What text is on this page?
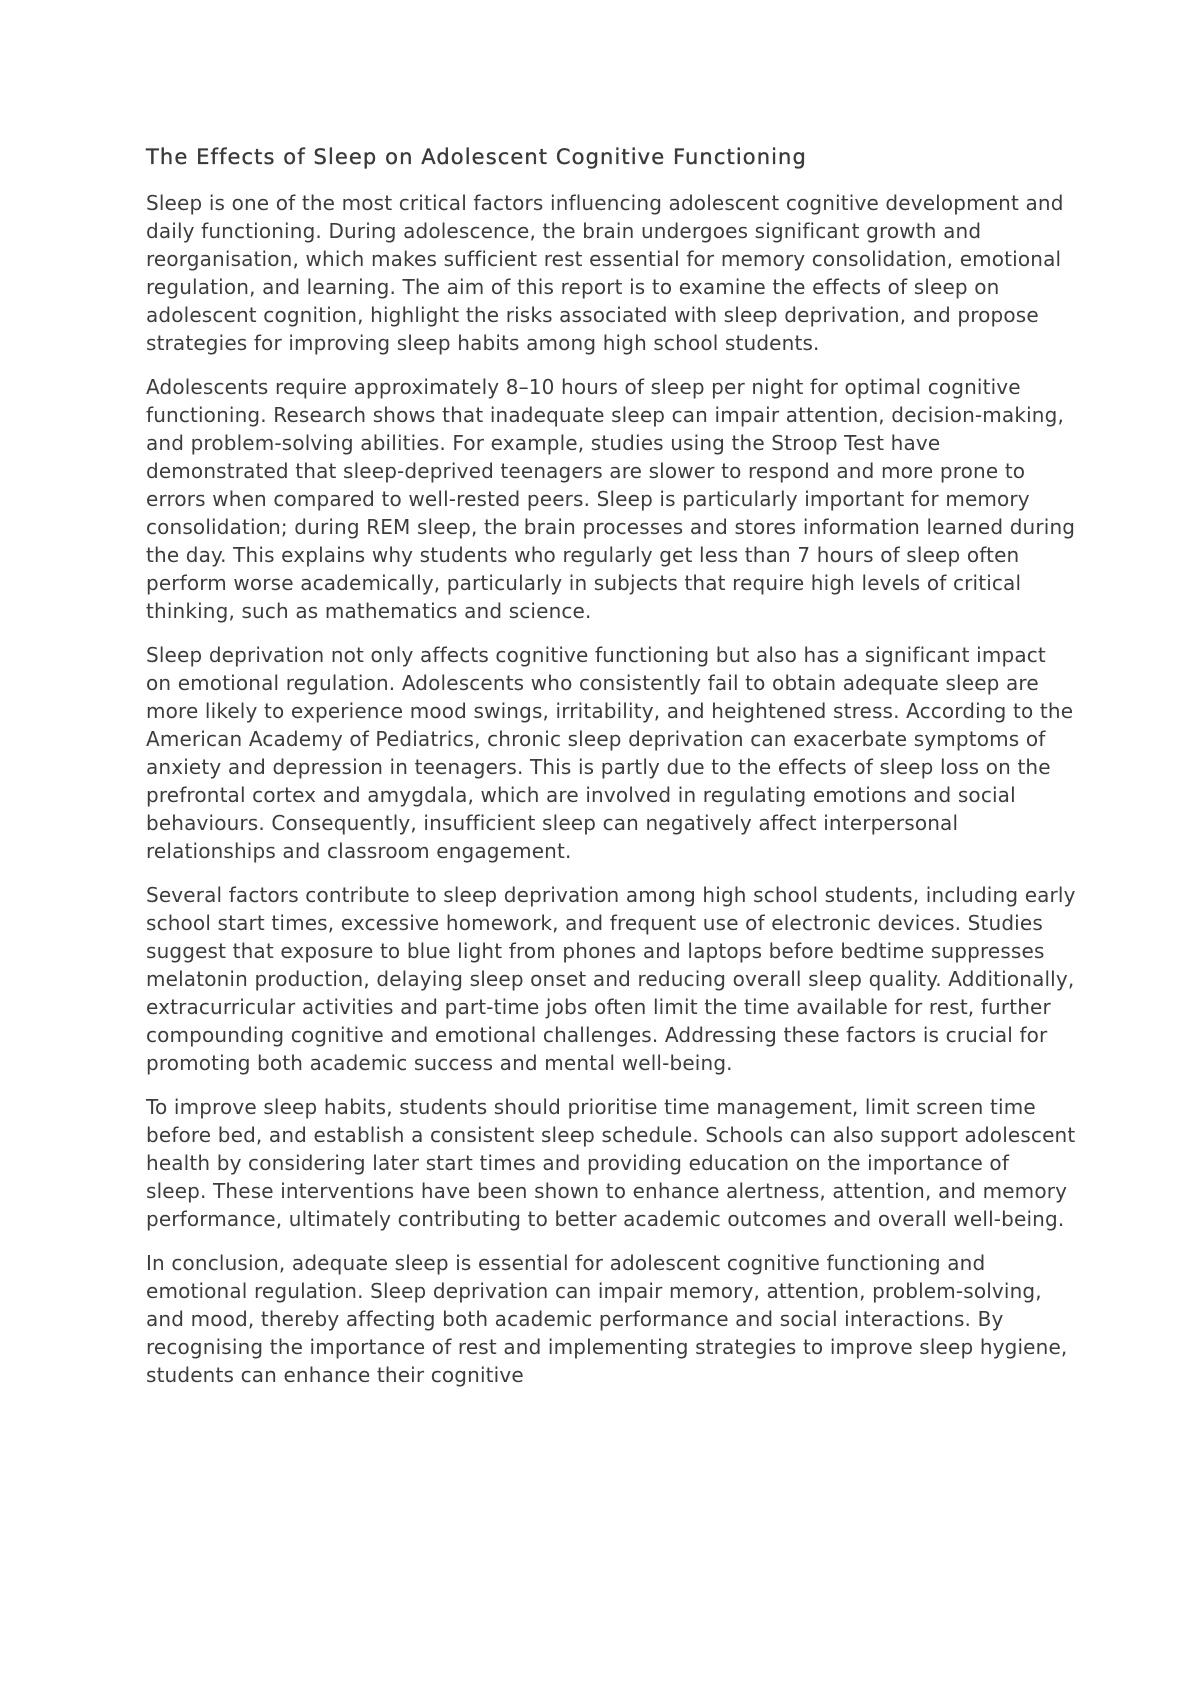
The Effects of Sleep on Adolescent Cognitive Functioning

Sleep is one of the most critical factors influencing adolescent cognitive development and daily functioning. During adolescence, the brain undergoes significant growth and reorganisation, which makes sufficient rest essential for memory consolidation, emotional regulation, and learning. The aim of this report is to examine the effects of sleep on adolescent cognition, highlight the risks associated with sleep deprivation, and propose strategies for improving sleep habits among high school students.

Adolescents require approximately 8–10 hours of sleep per night for optimal cognitive functioning. Research shows that inadequate sleep can impair attention, decision-making, and problem-solving abilities. For example, studies using the Stroop Test have demonstrated that sleep-deprived teenagers are slower to respond and more prone to errors when compared to well-rested peers. Sleep is particularly important for memory consolidation; during REM sleep, the brain processes and stores information learned during the day. This explains why students who regularly get less than 7 hours of sleep often perform worse academically, particularly in subjects that require high levels of critical thinking, such as mathematics and science.

Sleep deprivation not only affects cognitive functioning but also has a significant impact on emotional regulation. Adolescents who consistently fail to obtain adequate sleep are more likely to experience mood swings, irritability, and heightened stress. According to the American Academy of Pediatrics, chronic sleep deprivation can exacerbate symptoms of anxiety and depression in teenagers. This is partly due to the effects of sleep loss on the prefrontal cortex and amygdala, which are involved in regulating emotions and social behaviours. Consequently, insufficient sleep can negatively affect interpersonal relationships and classroom engagement.

Several factors contribute to sleep deprivation among high school students, including early school start times, excessive homework, and frequent use of electronic devices. Studies suggest that exposure to blue light from phones and laptops before bedtime suppresses melatonin production, delaying sleep onset and reducing overall sleep quality. Additionally, extracurricular activities and part-time jobs often limit the time available for rest, further compounding cognitive and emotional challenges. Addressing these factors is crucial for promoting both academic success and mental well-being.

To improve sleep habits, students should prioritise time management, limit screen time before bed, and establish a consistent sleep schedule. Schools can also support adolescent health by considering later start times and providing education on the importance of sleep. These interventions have been shown to enhance alertness, attention, and memory performance, ultimately contributing to better academic outcomes and overall well-being.

In conclusion, adequate sleep is essential for adolescent cognitive functioning and emotional regulation. Sleep deprivation can impair memory, attention, problem-solving, and mood, thereby affecting both academic performance and social interactions. By recognising the importance of rest and implementing strategies to improve sleep hygiene, students can enhance their cognitive
